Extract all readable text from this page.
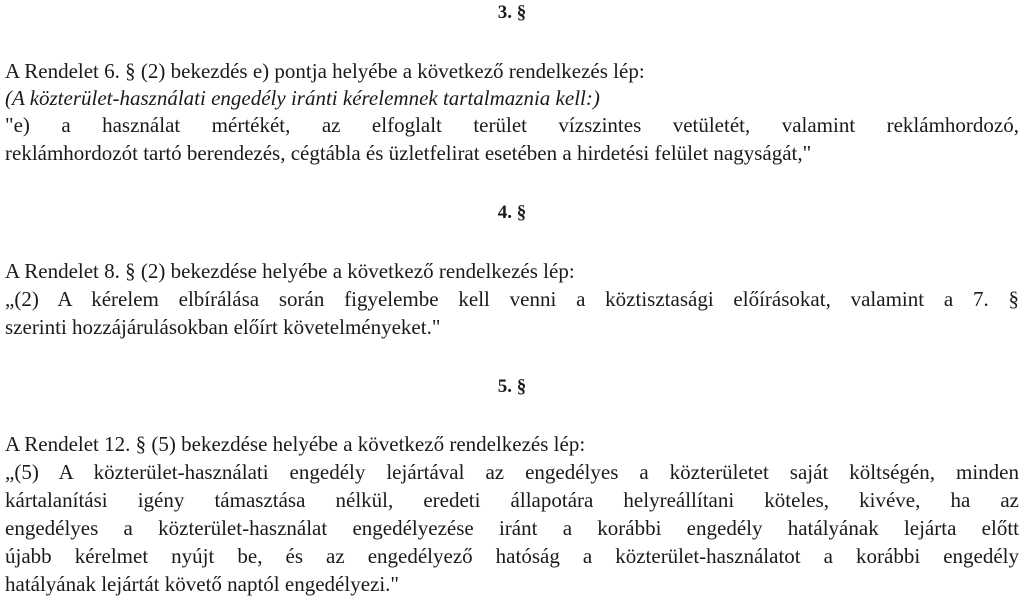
3. §
A Rendelet 6. § (2) bekezdés e) pontja helyébe a következő rendelkezés lép:
(A közterület-használati engedély iránti kérelemnek tartalmaznia kell:)
"e) a használat mértékét, az elfoglalt terület vízszintes vetületét, valamint reklámhordozó,
reklámhordozót tartó berendezés, cégtábla és üzletfelirat esetében a hirdetési felület nagyságát,"
4. §
A Rendelet 8. § (2) bekezdése helyébe a következő rendelkezés lép:
„(2) A kérelem elbírálása során figyelembe kell venni a köztisztasági előírásokat, valamint a 7. §
szerinti hozzájárulásokban előírt követelményeket."
5. §
A Rendelet 12. § (5) bekezdése helyébe a következő rendelkezés lép:
„(5) A közterület-használati engedély lejártával az engedélyes a közterületet saját költségén, minden
kártalanítási igény támasztása nélkül, eredeti állapotára helyreállítani köteles, kivéve, ha az
engedélyes a közterület-használat engedélyezése iránt a korábbi engedély hatályának lejárta előtt
újabb kérelmet nyújt be, és az engedélyező hatóság a közterület-használatot a korábbi engedély
hatályának lejártát követő naptól engedélyezi."
